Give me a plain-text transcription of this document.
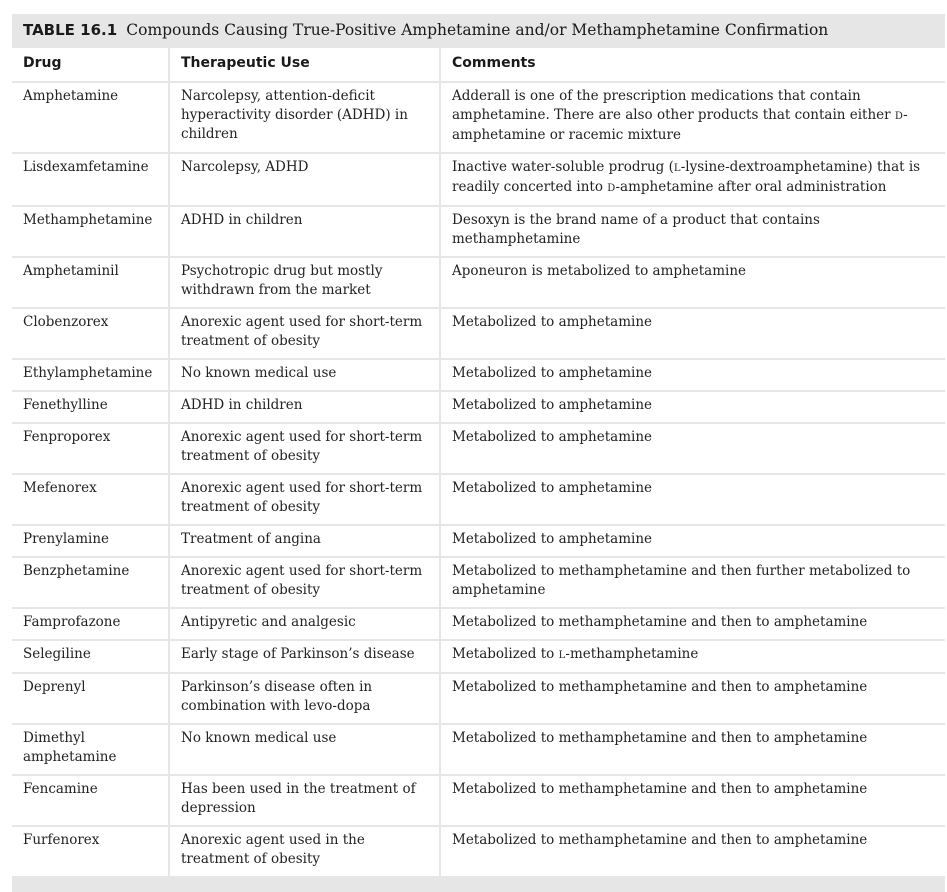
TABLE 16.1 Compounds Causing True-Positive Amphetamine and/or Methamphetamine Confirmation
Drug	Therapeutic Use	Comments
Amphetamine	Narcolepsy, attention-deficit hyperactivity disorder (ADHD) in children	Adderall is one of the prescription medications that contain amphetamine. There are also other products that contain either D-amphetamine or racemic mixture
Lisdexamfetamine	Narcolepsy, ADHD	Inactive water-soluble prodrug (L-lysine-dextroamphetamine) that is readily concerted into D-amphetamine after oral administration
Methamphetamine	ADHD in children	Desoxyn is the brand name of a product that contains methamphetamine
Amphetaminil	Psychotropic drug but mostly withdrawn from the market	Aponeuron is metabolized to amphetamine
Clobenzorex	Anorexic agent used for short-term treatment of obesity	Metabolized to amphetamine
Ethylamphetamine	No known medical use	Metabolized to amphetamine
Fenethylline	ADHD in children	Metabolized to amphetamine
Fenproporex	Anorexic agent used for short-term treatment of obesity	Metabolized to amphetamine
Mefenorex	Anorexic agent used for short-term treatment of obesity	Metabolized to amphetamine
Prenylamine	Treatment of angina	Metabolized to amphetamine
Benzphetamine	Anorexic agent used for short-term treatment of obesity	Metabolized to methamphetamine and then further metabolized to amphetamine
Famprofazone	Antipyretic and analgesic	Metabolized to methamphetamine and then to amphetamine
Selegiline	Early stage of Parkinson’s disease	Metabolized to L-methamphetamine
Deprenyl	Parkinson’s disease often in combination with levo-dopa	Metabolized to methamphetamine and then to amphetamine
Dimethyl amphetamine	No known medical use	Metabolized to methamphetamine and then to amphetamine
Fencamine	Has been used in the treatment of depression	Metabolized to methamphetamine and then to amphetamine
Furfenorex	Anorexic agent used in the treatment of obesity	Metabolized to methamphetamine and then to amphetamine
